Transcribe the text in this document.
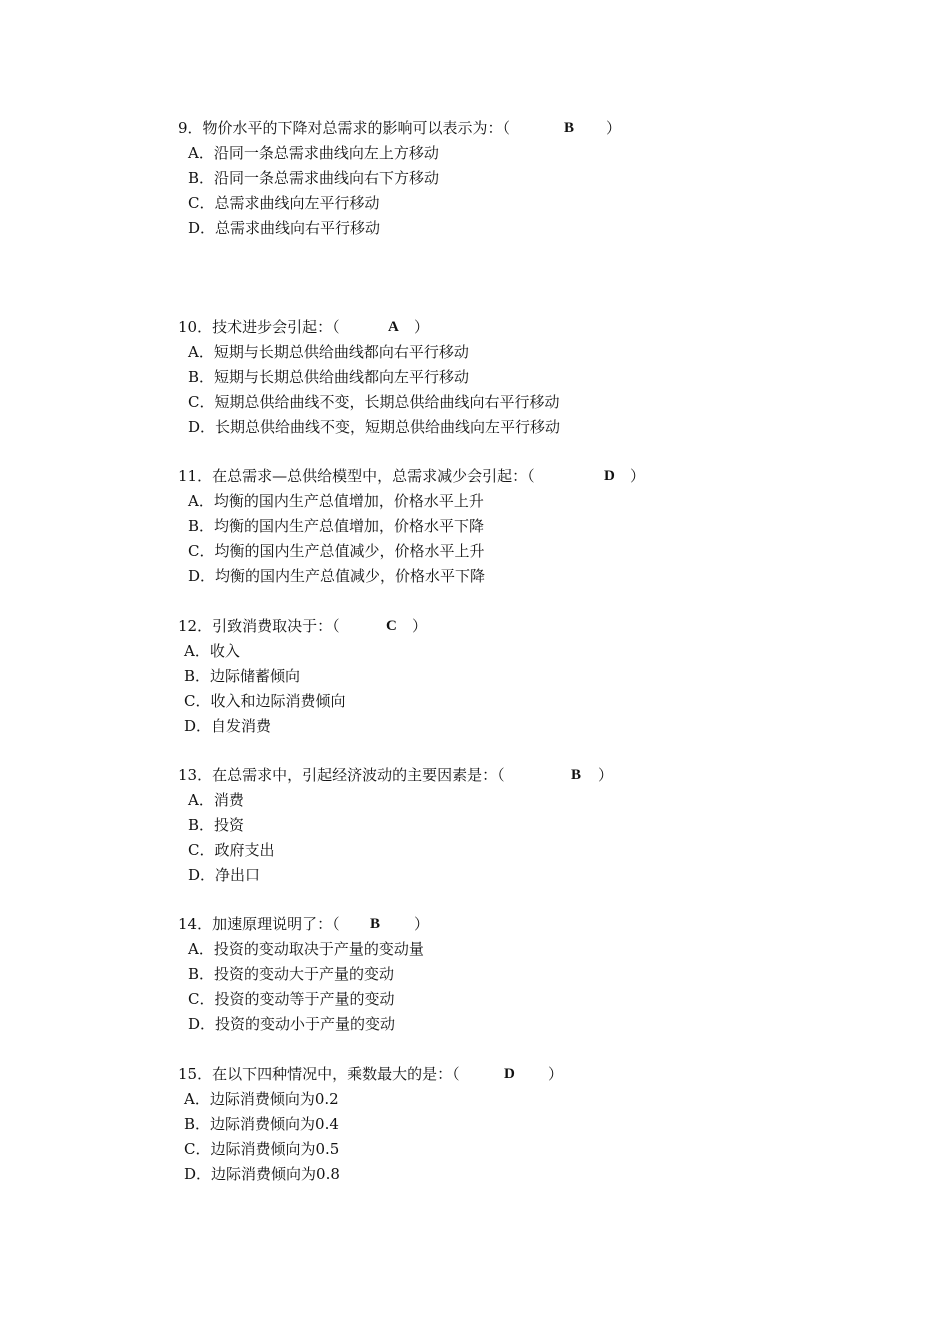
9．物价水平的下降对总需求的影响可以表示为：（

	B

）

A．沿同一条总需求曲线向左上方移动
B．沿同一条总需求曲线向右下方移动
C．总需求曲线向左平行移动
D．总需求曲线向右平行移动

10．技术进步会引起：（

	A

）

A．短期与长期总供给曲线都向右平行移动
B．短期与长期总供给曲线都向左平行移动
C．短期总供给曲线不变，长期总供给曲线向右平行移动
D．长期总供给曲线不变，短期总供给曲线向左平行移动

11．在总需求—总供给模型中，总需求减少会引起：（

	D

）

A．均衡的国内生产总值增加，价格水平上升
B．均衡的国内生产总值增加，价格水平下降
C．均衡的国内生产总值减少，价格水平上升
D．均衡的国内生产总值减少，价格水平下降

12．引致消费取决于：（

	C

）

A．收入
B．边际储蓄倾向
C．收入和边际消费倾向
D．自发消费

13．在总需求中，引起经济波动的主要因素是：（

	B

）

A．消费
B．投资
C．政府支出
D．净出口

14．加速原理说明了：（

B

）

A．投资的变动取决于产量的变动量
B．投资的变动大于产量的变动
C．投资的变动等于产量的变动
D．投资的变动小于产量的变动

15．在以下四种情况中，乘数最大的是：（

	D

）

A．边际消费倾向为0.2
B．边际消费倾向为0.4
C．边际消费倾向为0.5
D．边际消费倾向为0.8
